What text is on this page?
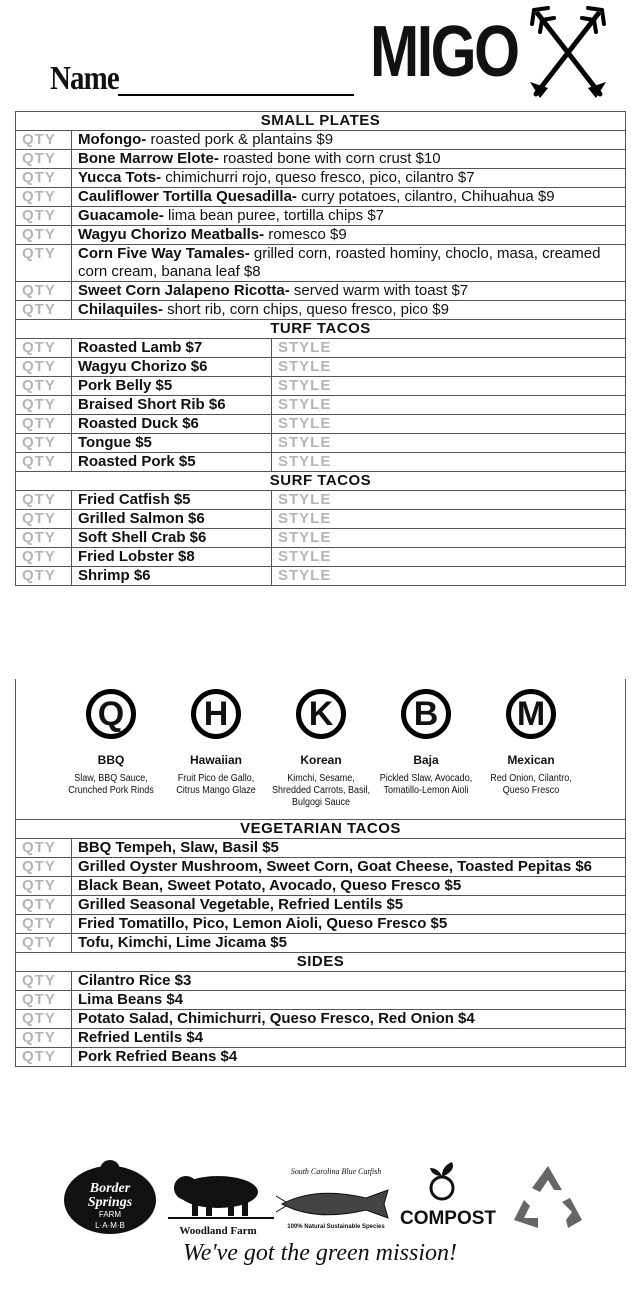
Name	MIGO
SMALL PLATES		
QTY	Mofongo- roasted pork & plantains $9	
QTY	Bone Marrow Elote- roasted bone with corn crust $10	
QTY	Yucca Tots- chimichurri rojo, queso fresco, pico, cilantro $7	
QTY	Cauliflower Tortilla Quesadilla- curry potatoes, cilantro, Chihuahua $9	
QTY	Guacamole- lima bean puree, tortilla chips $7	
QTY	Wagyu Chorizo Meatballs- romesco $9	
QTY	Corn Five Way Tamales- grilled corn, roasted hominy, choclo, masa, creamed corn cream, banana leaf $8	
QTY	Sweet Corn Jalapeno Ricotta- served warm with toast $7	
QTY	Chilaquiles- short rib, corn chips, queso fresco, pico $9	
TURF TACOS		
QTY	Roasted Lamb $7	STYLE
QTY	Wagyu Chorizo $6	STYLE
QTY	Pork Belly $5	STYLE
QTY	Braised Short Rib $6	STYLE
QTY	Roasted Duck $6	STYLE
QTY	Tongue $5	STYLE
QTY	Roasted Pork $5	STYLE
SURF TACOS		
QTY	Fried Catfish $5	STYLE
QTY	Grilled Salmon $6	STYLE
QTY	Soft Shell Crab $6	STYLE
QTY	Fried Lobster $8	STYLE
QTY	Shrimp $6	STYLE
Q
BBQ
Slaw, BBQ Sauce, Crunched Pork Rinds
H
Hawaiian
Fruit Pico de Gallo, Citrus Mango Glaze
K
Korean
Kimchi, Sesame, Shredded Carrots, Basil, Bulgogi Sauce
B
Baja
Pickled Slaw, Avocado, Tomatillo-Lemon Aioli
M
Mexican
Red Onion, Cilantro, Queso Fresco
VEGETARIAN TACOS	
QTY	BBQ Tempeh, Slaw, Basil $5
QTY	Grilled Oyster Mushroom, Sweet Corn, Goat Cheese, Toasted Pepitas $6
QTY	Black Bean, Sweet Potato, Avocado, Queso Fresco $5
QTY	Grilled Seasonal Vegetable, Refried Lentils $5
QTY	Fried Tomatillo, Pico, Lemon Aioli, Queso Fresco $5
QTY	Tofu, Kimchi, Lime Jicama $5
SIDES	
QTY	Cilantro Rice $3
QTY	Lima Beans $4
QTY	Potato Salad, Chimichurri, Queso Fresco, Red Onion $4
QTY	Refried Lentils $4
QTY	Pork Refried Beans $4
Border
Springs
FARM
L·A·M·B	Woodland Farm
South Carolina Blue Catfish
100% Natural Sustainable Species COMPOST
We've got the green mission!
